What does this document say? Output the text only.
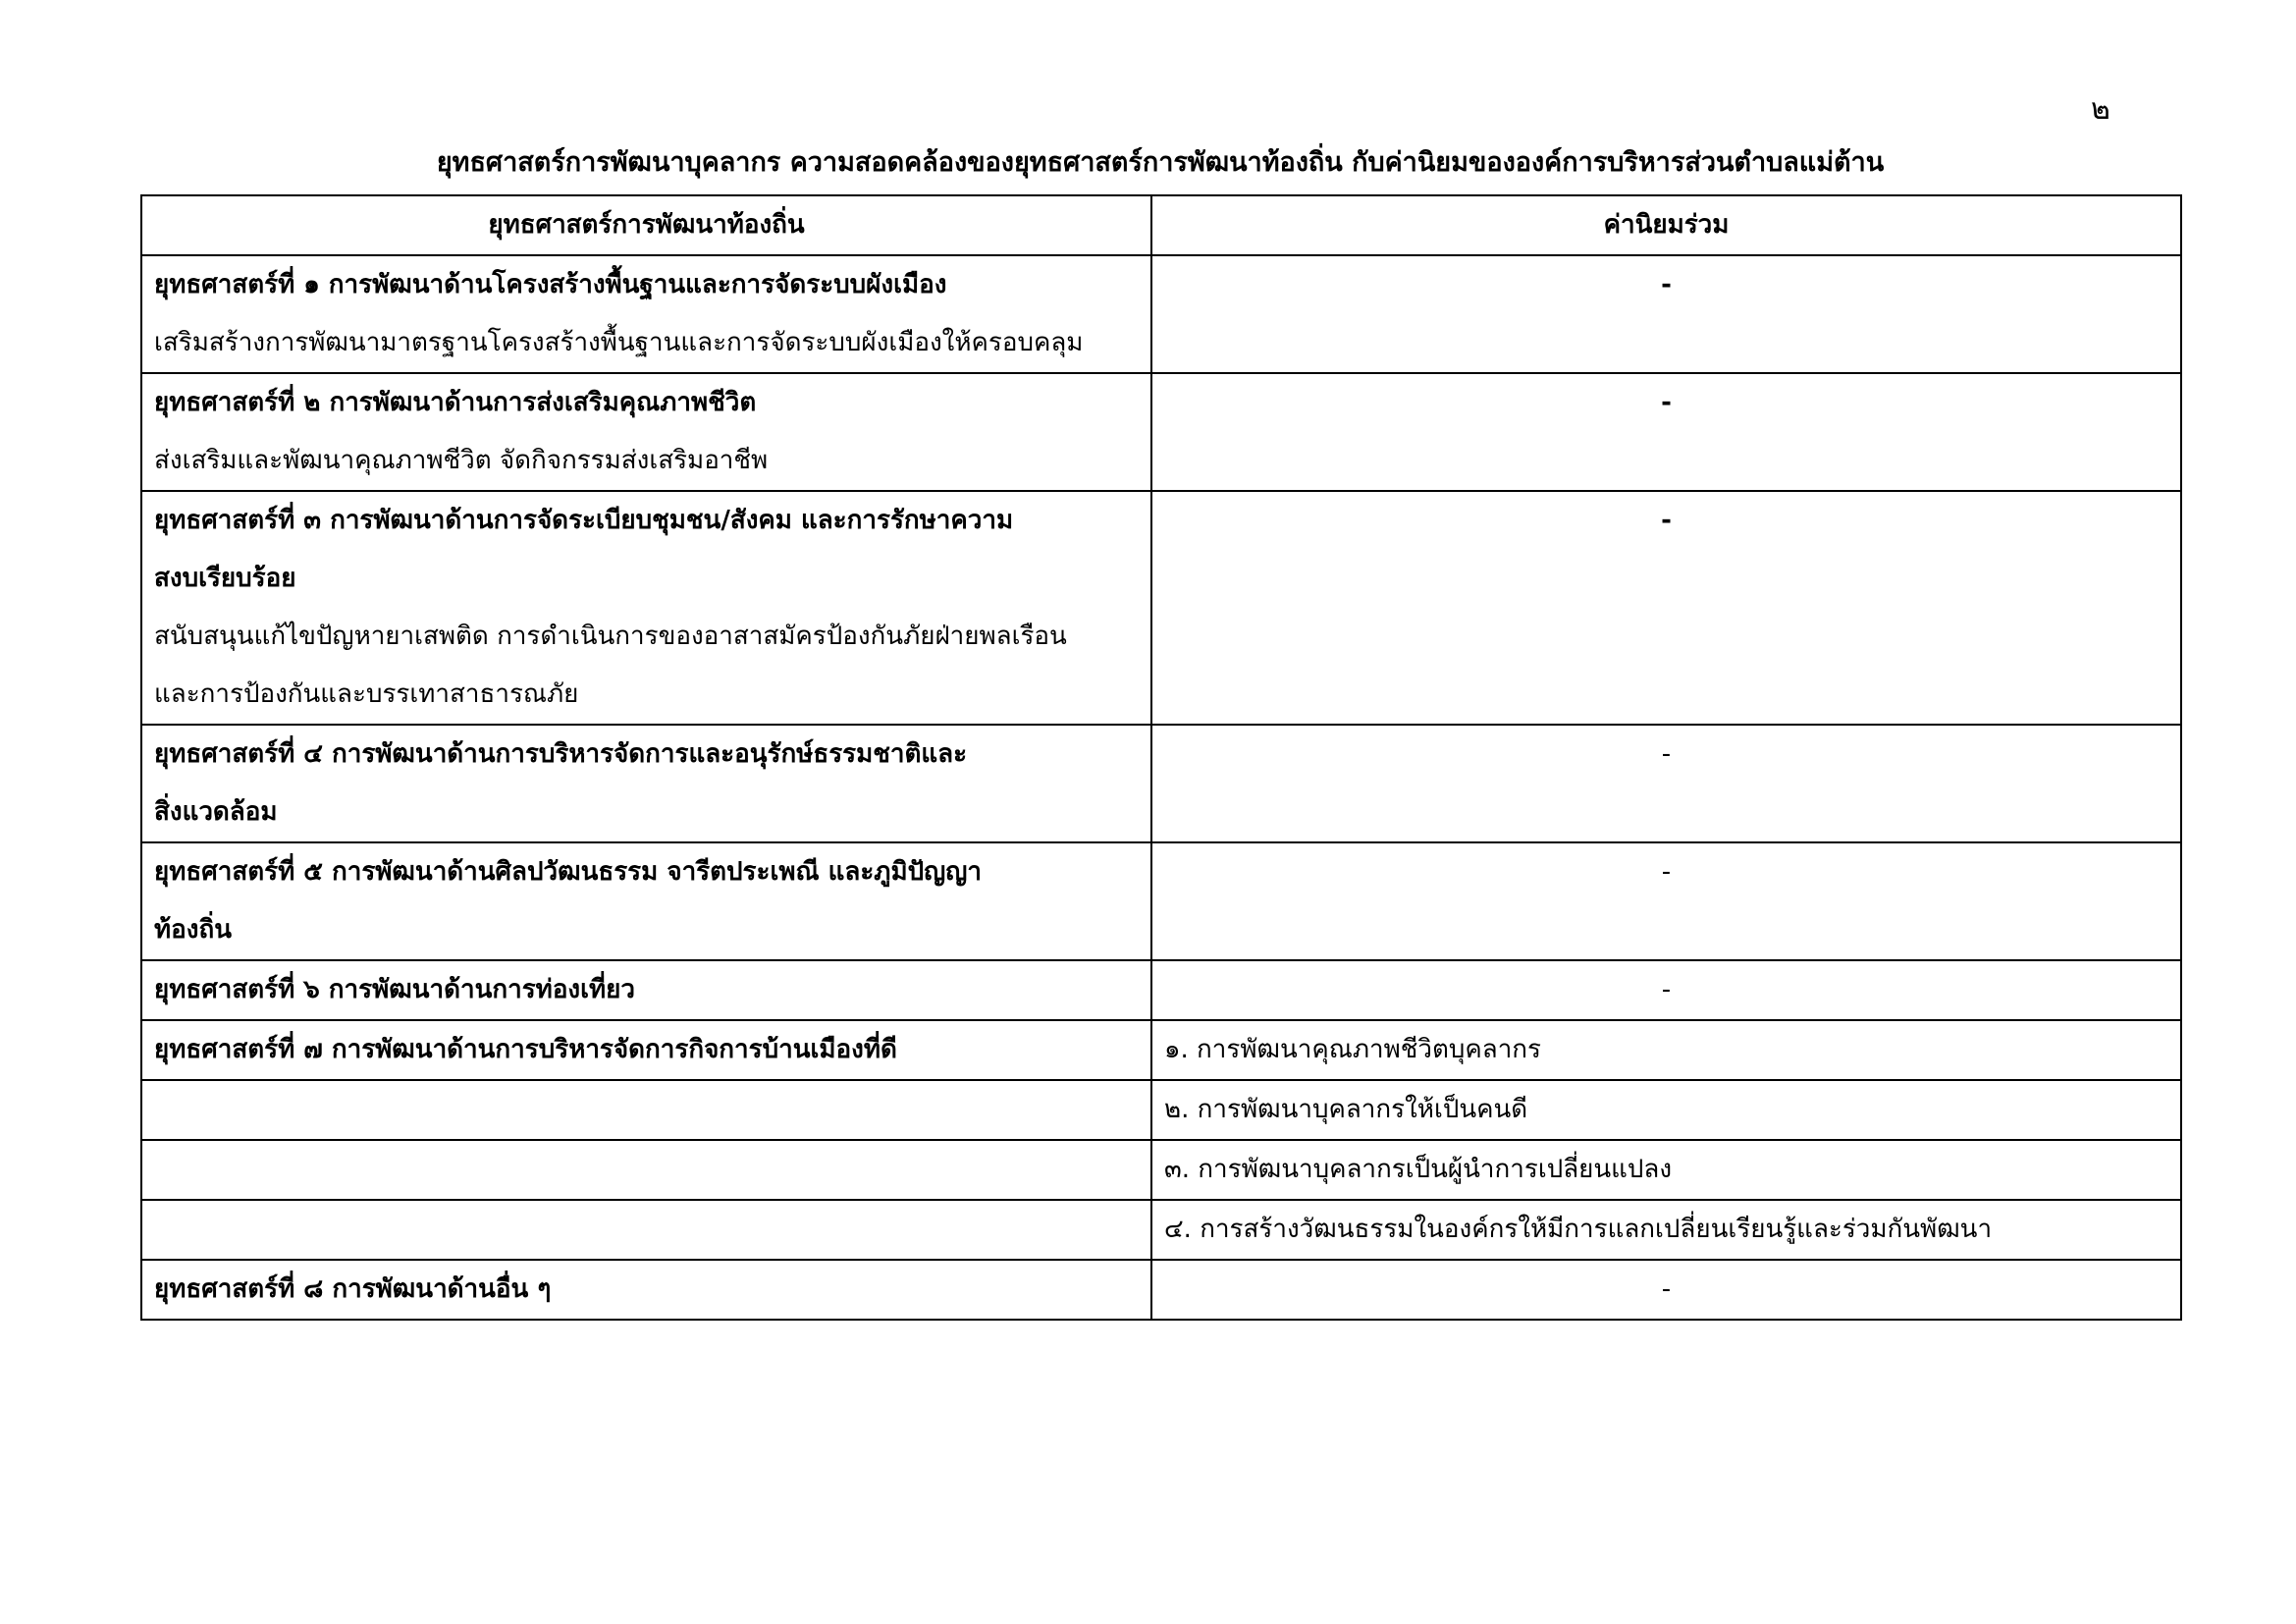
๒
ยุทธศาสตร์การพัฒนาบุคลากร ความสอดคล้องของยุทธศาสตร์การพัฒนาท้องถิ่น กับค่านิยมขององค์การบริหารส่วนตำบลแม่ต้าน
ยุทธศาสตร์การพัฒนาท้องถิ่น	ค่านิยมร่วม

ยุทธศาสตร์ที่ ๑ การพัฒนาด้านโครงสร้างพื้นฐานและการจัดระบบผังเมือง
เสริมสร้างการพัฒนามาตรฐานโครงสร้างพื้นฐานและการจัดระบบผังเมืองให้ครอบคลุม	-

ยุทธศาสตร์ที่ ๒ การพัฒนาด้านการส่งเสริมคุณภาพชีวิต
ส่งเสริมและพัฒนาคุณภาพชีวิต จัดกิจกรรมส่งเสริมอาชีพ	-

ยุทธศาสตร์ที่ ๓ การพัฒนาด้านการจัดระเบียบชุมชน/สังคม และการรักษาความ
สงบเรียบร้อย
สนับสนุนแก้ไขปัญหายาเสพติด การดำเนินการของอาสาสมัครป้องกันภัยฝ่ายพลเรือน
และการป้องกันและบรรเทาสาธารณภัย	-

ยุทธศาสตร์ที่ ๔ การพัฒนาด้านการบริหารจัดการและอนุรักษ์ธรรมชาติและ
สิ่งแวดล้อม	-

ยุทธศาสตร์ที่ ๕ การพัฒนาด้านศิลปวัฒนธรรม จารีตประเพณี และภูมิปัญญา
ท้องถิ่น	-

ยุทธศาสตร์ที่ ๖ การพัฒนาด้านการท่องเที่ยว	-

ยุทธศาสตร์ที่ ๗ การพัฒนาด้านการบริหารจัดการกิจการบ้านเมืองที่ดี	๑. การพัฒนาคุณภาพชีวิตบุคลากร
	๒. การพัฒนาบุคลากรให้เป็นคนดี
	๓. การพัฒนาบุคลากรเป็นผู้นำการเปลี่ยนแปลง
	๔. การสร้างวัฒนธรรมในองค์กรให้มีการแลกเปลี่ยนเรียนรู้และร่วมกันพัฒนา

ยุทธศาสตร์ที่ ๘ การพัฒนาด้านอื่น ๆ	-
